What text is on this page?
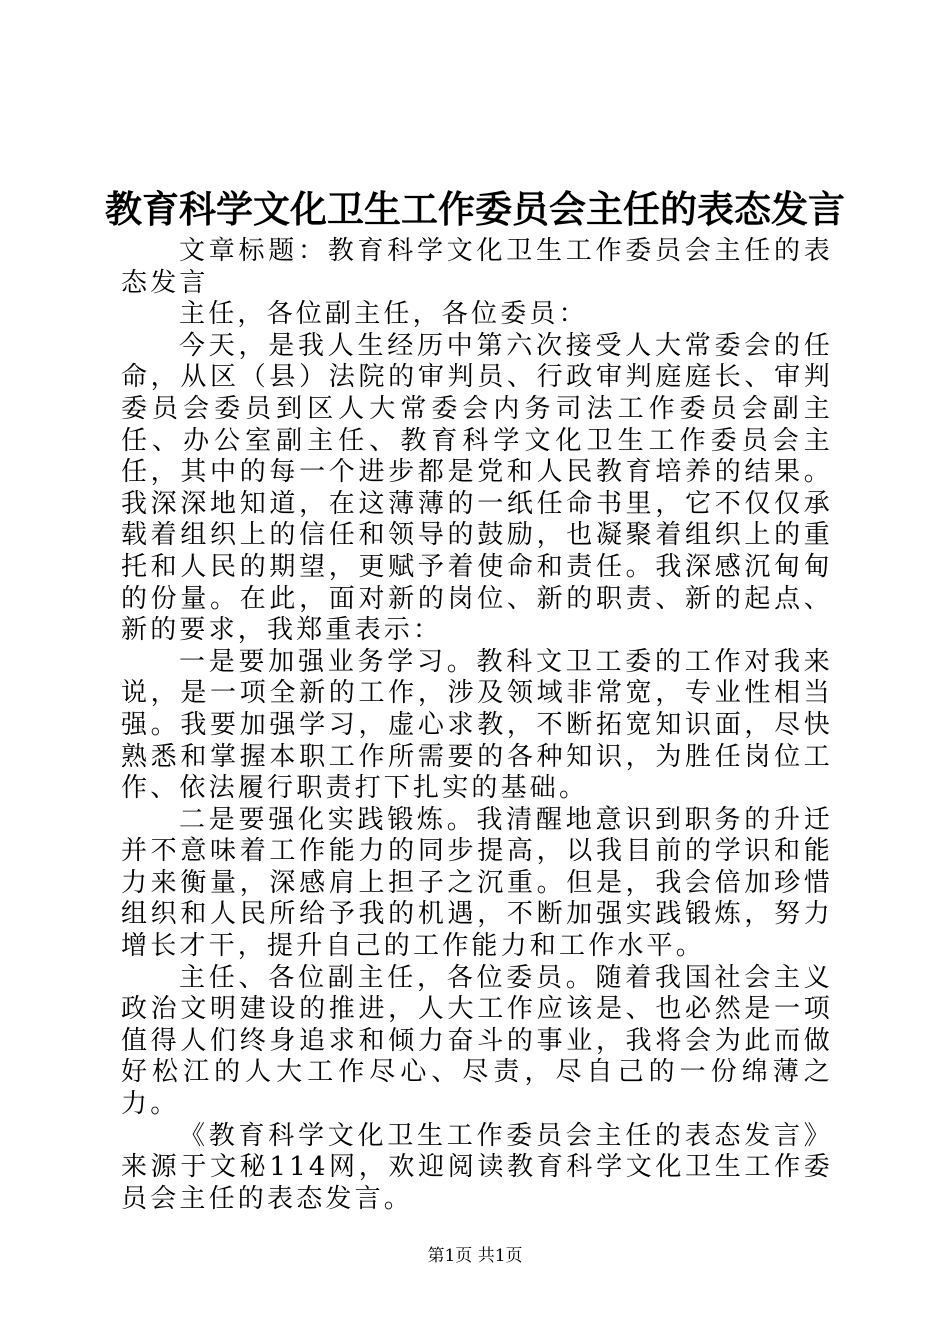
教育科学文化卫生工作委员会主任的表态发言

文章标题：教育科学文化卫生工作委员会主任的表态发言

主任，各位副主任，各位委员：

今天，是我人生经历中第六次接受人大常委会的任命，从区（县）法院的审判员、行政审判庭庭长、审判委员会委员到区人大常委会内务司法工作委员会副主任、办公室副主任、教育科学文化卫生工作委员会主任，其中的每一个进步都是党和人民教育培养的结果。我深深地知道，在这薄薄的一纸任命书里，它不仅仅承载着组织上的信任和领导的鼓励，也凝聚着组织上的重托和人民的期望，更赋予着使命和责任。我深感沉甸甸的份量。在此，面对新的岗位、新的职责、新的起点、新的要求，我郑重表示：

一是要加强业务学习。教科文卫工委的工作对我来说，是一项全新的工作，涉及领域非常宽，专业性相当强。我要加强学习，虚心求教，不断拓宽知识面，尽快熟悉和掌握本职工作所需要的各种知识，为胜任岗位工作、依法履行职责打下扎实的基础。

二是要强化实践锻炼。我清醒地意识到职务的升迁并不意味着工作能力的同步提高，以我目前的学识和能力来衡量，深感肩上担子之沉重。但是，我会倍加珍惜组织和人民所给予我的机遇，不断加强实践锻炼，努力增长才干，提升自己的工作能力和工作水平。

主任、各位副主任，各位委员。随着我国社会主义政治文明建设的推进，人大工作应该是、也必然是一项值得人们终身追求和倾力奋斗的事业，我将会为此而做好松江的人大工作尽心、尽责，尽自己的一份绵薄之力。

《教育科学文化卫生工作委员会主任的表态发言》来源于文秘114网，欢迎阅读教育科学文化卫生工作委员会主任的表态发言。

第1页 共1页
